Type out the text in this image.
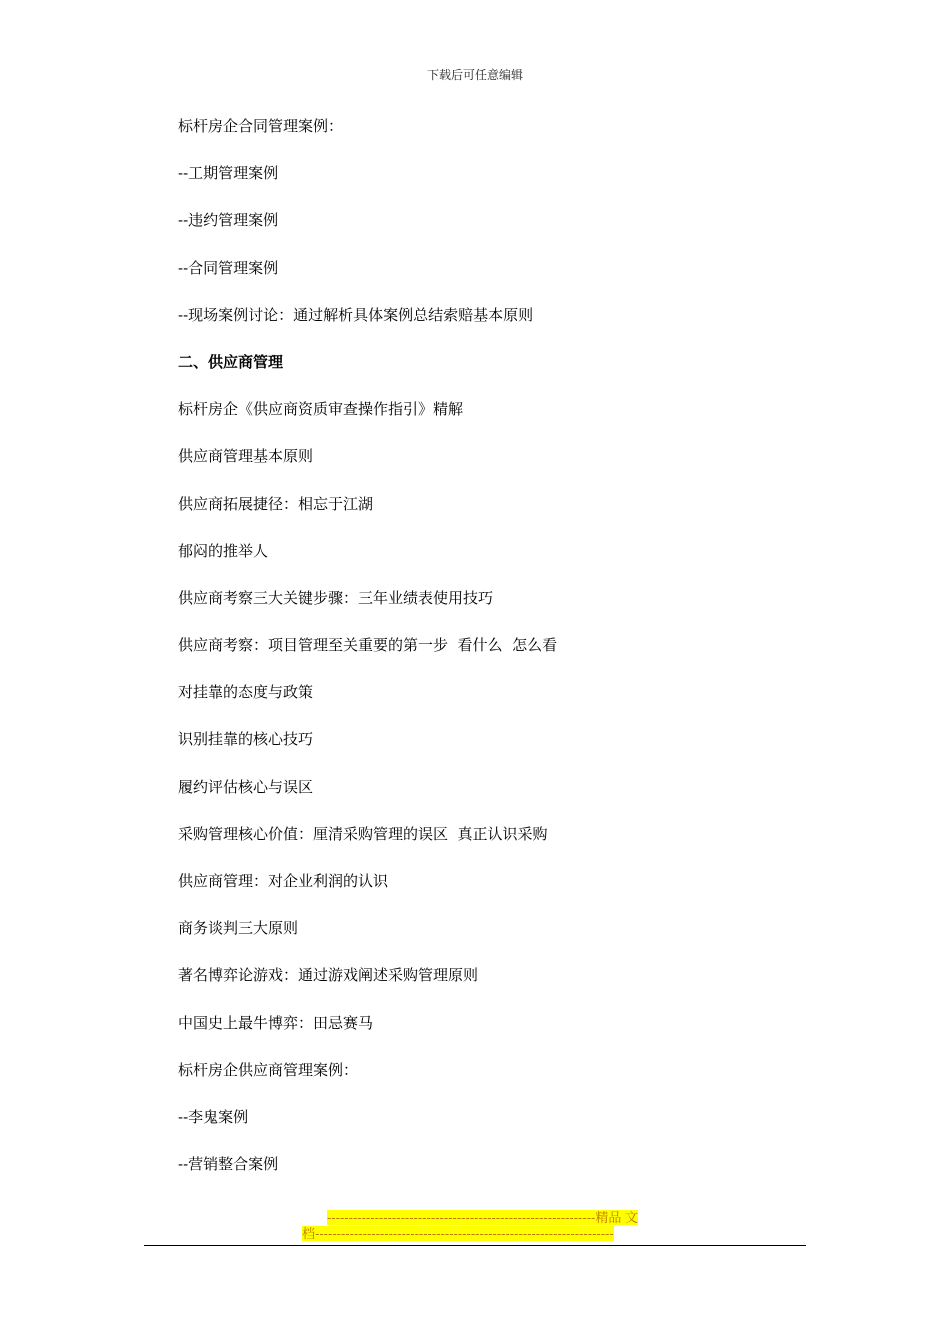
下载后可任意编辑
标杆房企合同管理案例：
--工期管理案例
--违约管理案例
--合同管理案例
--现场案例讨论：通过解析具体案例总结索赔基本原则
二、供应商管理
标杆房企《供应商资质审查操作指引》精解
供应商管理基本原则
供应商拓展捷径：相忘于江湖
郁闷的推举人
供应商考察三大关键步骤：三年业绩表使用技巧
供应商考察：项目管理至关重要的第一步  看什么  怎么看
对挂靠的态度与政策
识别挂靠的核心技巧
履约评估核心与误区
采购管理核心价值：厘清采购管理的误区  真正认识采购
供应商管理：对企业利润的认识
商务谈判三大原则
著名博弈论游戏：通过游戏阐述采购管理原则
中国史上最牛博弈：田忌赛马
标杆房企供应商管理案例：
--李鬼案例
--营销整合案例
--------------------------------------------------------------精品 文
档---------------------------------------------------------------------
